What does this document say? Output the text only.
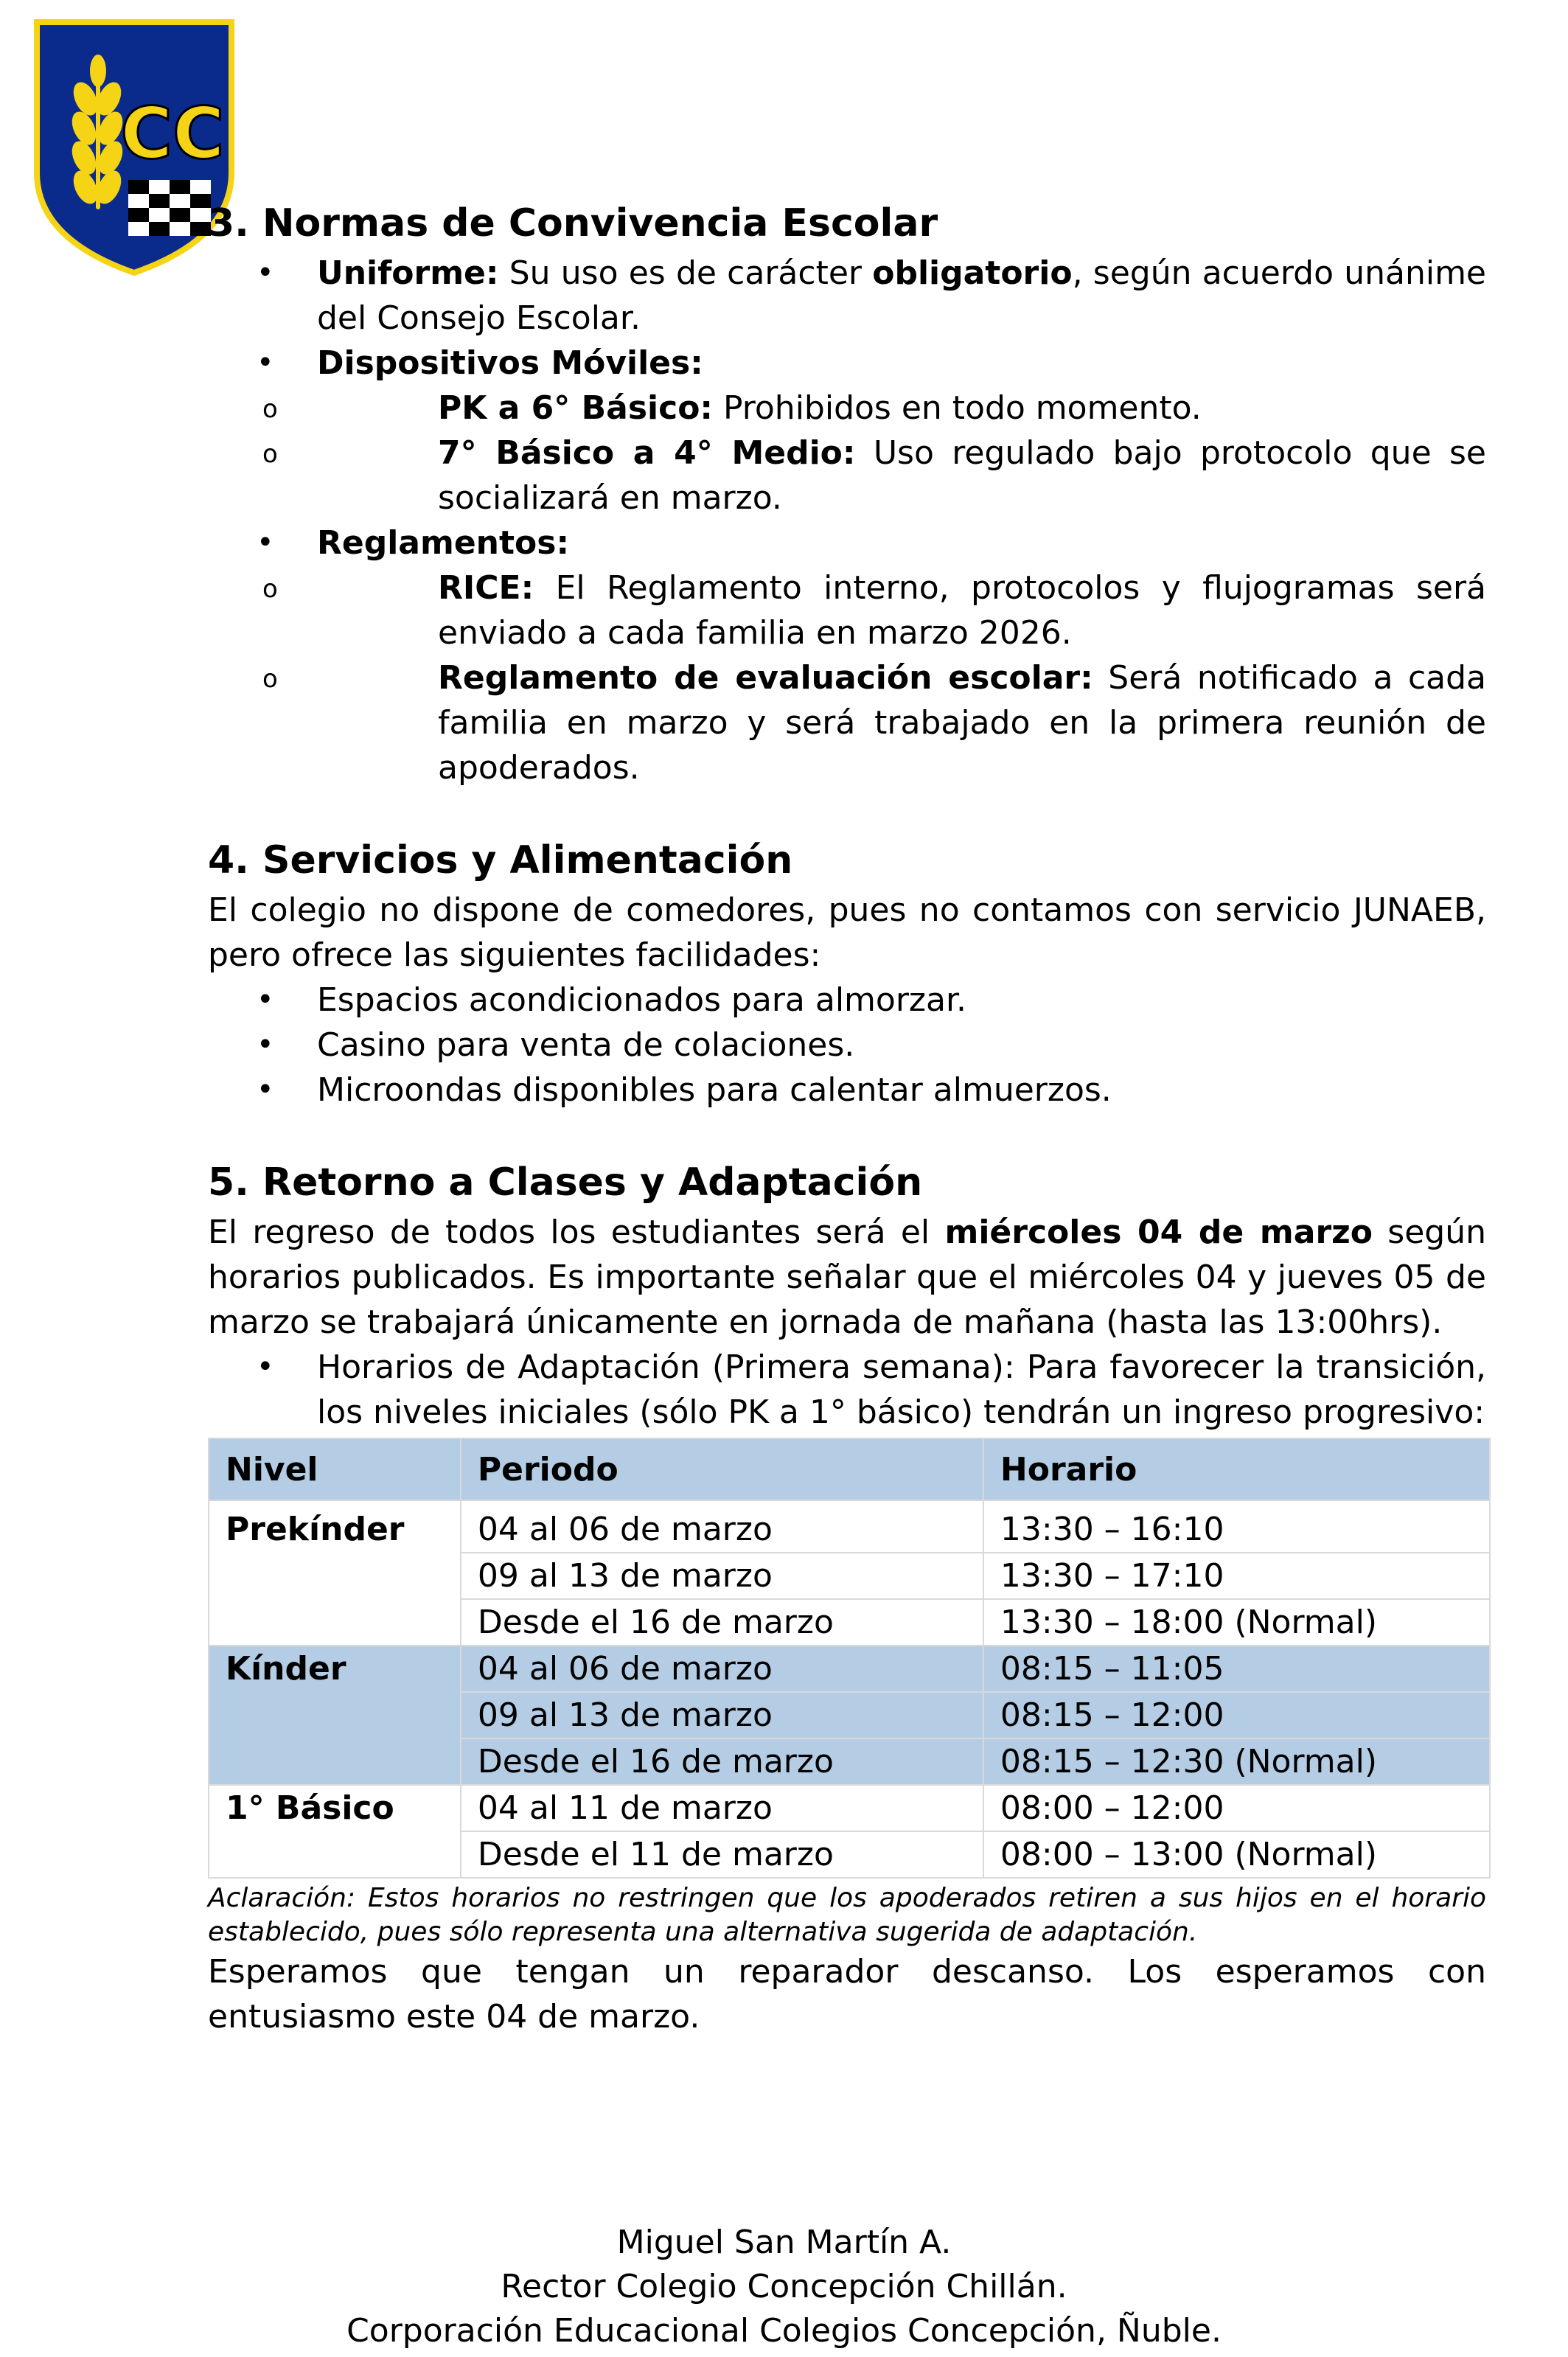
CC
3. Normas de Convivencia Escolar
• Uniforme: Su uso es de carácter obligatorio, según acuerdo unánime del Consejo Escolar.
• Dispositivos Móviles:
o PK a 6° Básico: Prohibidos en todo momento.
o 7° Básico a 4° Medio: Uso regulado bajo protocolo que se socializará en marzo.
• Reglamentos:
o RICE: El Reglamento interno, protocolos y flujogramas será enviado a cada familia en marzo 2026.
o Reglamento de evaluación escolar: Será notificado a cada familia en marzo y será trabajado en la primera reunión de apoderados.
4. Servicios y Alimentación

El colegio no dispone de comedores, pues no contamos con servicio JUNAEB, pero ofrece las siguientes facilidades:

• Espacios acondicionados para almorzar.
• Casino para venta de colaciones.
• Microondas disponibles para calentar almuerzos.
5. Retorno a Clases y Adaptación

El regreso de todos los estudiantes será el miércoles 04 de marzo según horarios publicados. Es importante señalar que el miércoles 04 y jueves 05 de marzo se trabajará únicamente en jornada de mañana (hasta las 13:00hrs).

• Horarios de Adaptación (Primera semana): Para favorecer la transición, los niveles iniciales (sólo PK a 1° básico) tendrán un ingreso progresivo:
Nivel	Periodo	Horario
Prekínder	04 al 06 de marzo	13:30 – 16:10
	09 al 13 de marzo	13:30 – 17:10
	Desde el 16 de marzo	13:30 – 18:00 (Normal)
Kínder	04 al 06 de marzo	08:15 – 11:05
	09 al 13 de marzo	08:15 – 12:00
	Desde el 16 de marzo	08:15 – 12:30 (Normal)
1° Básico	04 al 11 de marzo	08:00 – 12:00
	Desde el 11 de marzo	08:00 – 13:00 (Normal)

Aclaración: Estos horarios no restringen que los apoderados retiren a sus hijos en el horario establecido, pues sólo representa una alternativa sugerida de adaptación.

Esperamos que tengan un reparador descanso. Los esperamos con entusiasmo este 04 de marzo.

Miguel San Martín A.
Rector Colegio Concepción Chillán.
Corporación Educacional Colegios Concepción, Ñuble.
